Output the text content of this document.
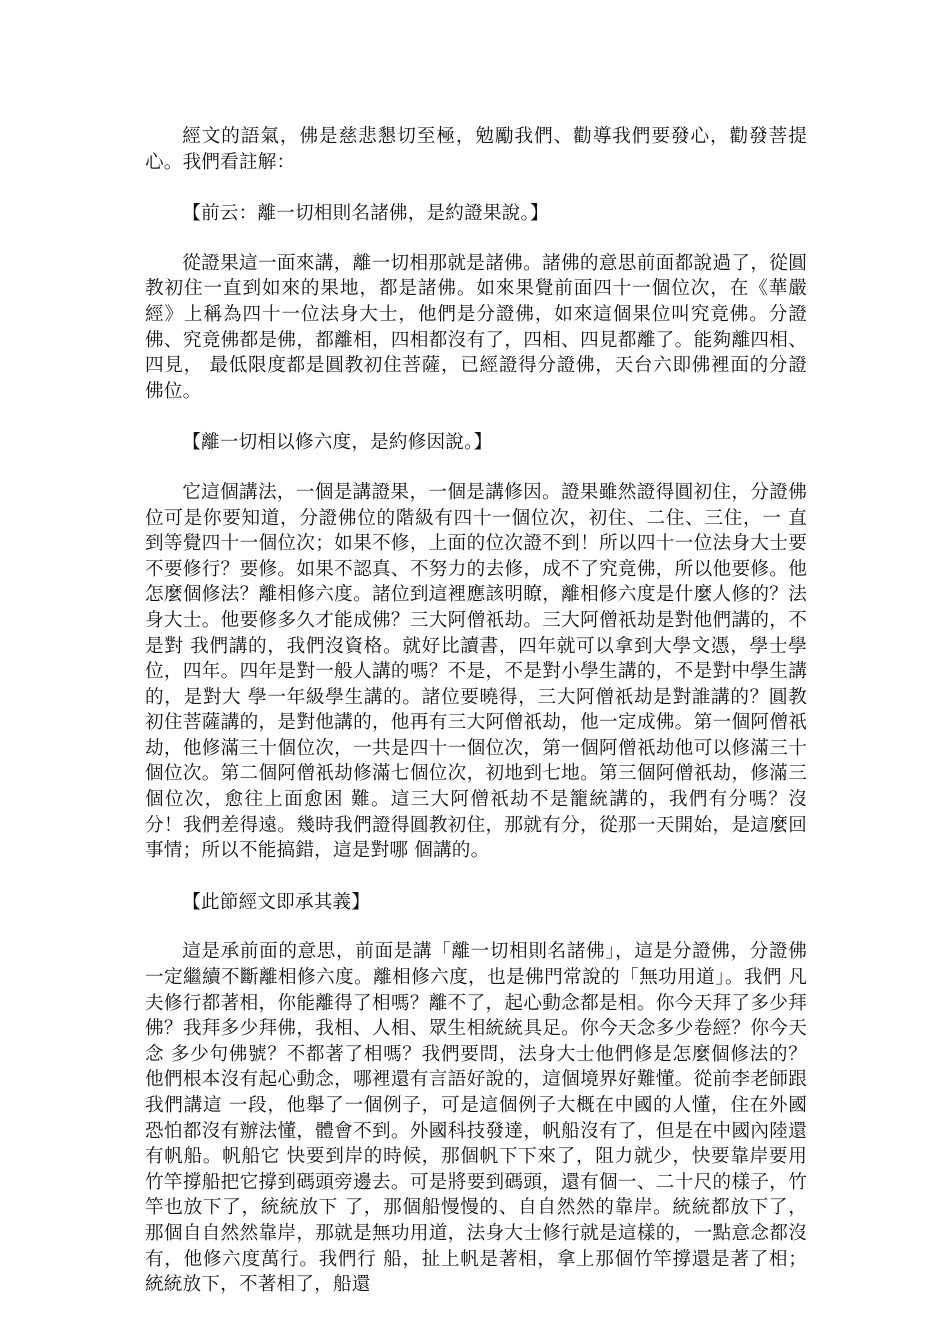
經文的語氣，佛是慈悲懇切至極，勉勵我們、勸導我們要發心，勸發菩提心。我們看註解：

【前云：離一切相則名諸佛，是約證果說。】

從證果這一面來講，離一切相那就是諸佛。諸佛的意思前面都說過了，從圓教初住一直到如來的果地，都是諸佛。如來果覺前面四十一個位次，在《華嚴 經》上稱為四十一位法身大士，他們是分證佛，如來這個果位叫究竟佛。分證佛、究竟佛都是佛，都離相，四相都沒有了，四相、四見都離了。能夠離四相、四見， 最低限度都是圓教初住菩薩，已經證得分證佛，天台六即佛裡面的分證佛位。

【離一切相以修六度，是約修因說。】

它這個講法，一個是講證果，一個是講修因。證果雖然證得圓初住，分證佛位可是你要知道，分證佛位的階級有四十一個位次，初住、二住、三住，一 直到等覺四十一個位次；如果不修，上面的位次證不到！所以四十一位法身大士要不要修行？要修。如果不認真、不努力的去修，成不了究竟佛，所以他要修。他 怎麼個修法？離相修六度。諸位到這裡應該明瞭，離相修六度是什麼人修的？法身大士。他要修多久才能成佛？三大阿僧祇劫。三大阿僧祇劫是對他們講的，不是對 我們講的，我們沒資格。就好比讀書，四年就可以拿到大學文憑，學士學位，四年。四年是對一般人講的嗎？不是，不是對小學生講的，不是對中學生講的，是對大 學一年級學生講的。諸位要曉得，三大阿僧祇劫是對誰講的？圓教初住菩薩講的，是對他講的，他再有三大阿僧祇劫，他一定成佛。第一個阿僧祇劫，他修滿三十個位次，一共是四十一個位次，第一個阿僧祇劫他可以修滿三十個位次。第二個阿僧祇劫修滿七個位次，初地到七地。第三個阿僧祇劫，修滿三個位次，愈往上面愈困 難。這三大阿僧祇劫不是籠統講的，我們有分嗎？沒分！我們差得遠。幾時我們證得圓教初住，那就有分，從那一天開始，是這麼回事情；所以不能搞錯，這是對哪 個講的。

【此節經文即承其義】

這是承前面的意思，前面是講「離一切相則名諸佛」，這是分證佛，分證佛一定繼續不斷離相修六度。離相修六度，也是佛門常說的「無功用道」。我們 凡夫修行都著相，你能離得了相嗎？離不了，起心動念都是相。你今天拜了多少拜佛？我拜多少拜佛，我相、人相、眾生相統統具足。你今天念多少卷經？你今天念 多少句佛號？不都著了相嗎？我們要問，法身大士他們修是怎麼個修法的？他們根本沒有起心動念，哪裡還有言語好說的，這個境界好難懂。從前李老師跟我們講這 一段，他舉了一個例子，可是這個例子大概在中國的人懂，住在外國恐怕都沒有辦法懂，體會不到。外國科技發達，帆船沒有了，但是在中國內陸還有帆船。帆船它 快要到岸的時候，那個帆下下來了，阻力就少，快要靠岸要用竹竿撐船把它撐到碼頭旁邊去。可是將要到碼頭，還有個一、二十尺的樣子，竹竿也放下了，統統放下 了，那個船慢慢的、自自然然的靠岸。統統都放下了，那個自自然然靠岸，那就是無功用道，法身大士修行就是這樣的，一點意念都沒有，他修六度萬行。我們行 船，扯上帆是著相，拿上那個竹竿撐還是著了相；統統放下，不著相了，船還
